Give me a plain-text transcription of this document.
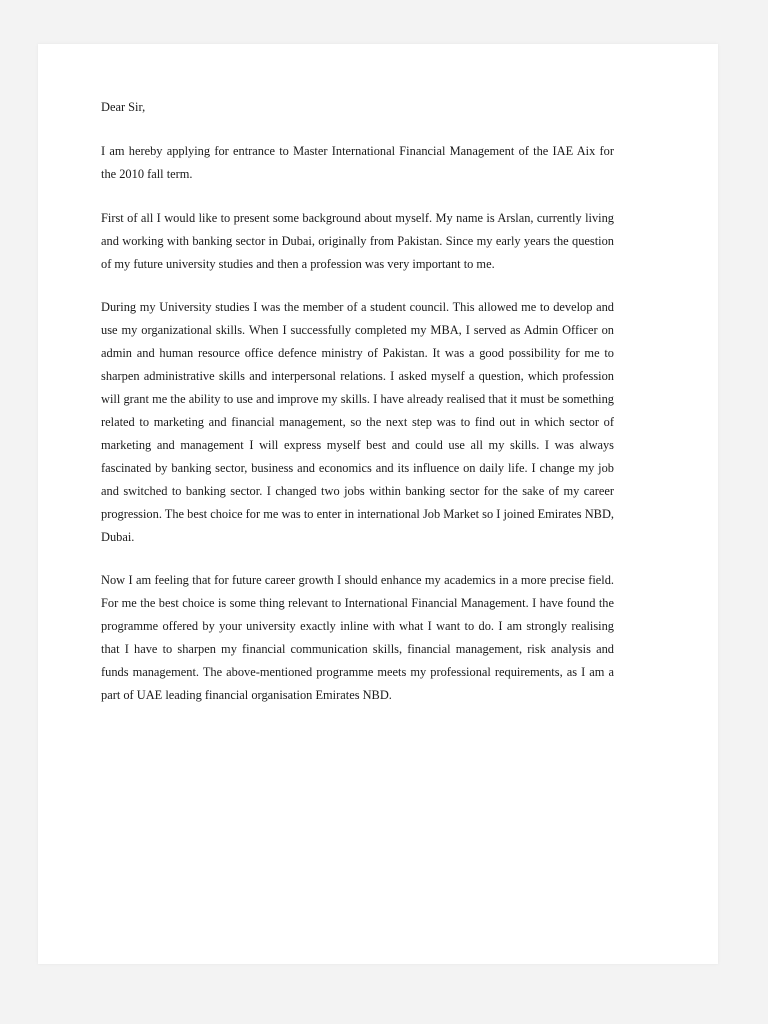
Dear Sir,

I am hereby applying for entrance to Master International Financial Management of the IAE Aix for the 2010 fall term.

First of all I would like to present some background about myself. My name is Arslan, currently living and working with banking sector in Dubai, originally from Pakistan. Since my early years the question of my future university studies and then a profession was very important to me.

During my University studies I was the member of a student council. This allowed me to develop and use my organizational skills. When I successfully completed my MBA, I served as Admin Officer on admin and human resource office defence ministry of Pakistan. It was a good possibility for me to sharpen administrative skills and interpersonal relations. I asked myself a question, which profession will grant me the ability to use and improve my skills. I have already realised that it must be something related to marketing and financial management, so the next step was to find out in which sector of marketing and management I will express myself best and could use all my skills. I was always fascinated by banking sector, business and economics and its influence on daily life. I change my job and switched to banking sector. I changed two jobs within banking sector for the sake of my career progression. The best choice for me was to enter in international Job Market so I joined Emirates NBD, Dubai.

Now I am feeling that for future career growth I should enhance my academics in a more precise field. For me the best choice is some thing relevant to International Financial Management. I have found the programme offered by your university exactly inline with what I want to do. I am strongly realising that I have to sharpen my financial communication skills, financial management, risk analysis and funds management. The above-mentioned programme meets my professional requirements, as I am a part of UAE leading financial organisation Emirates NBD.
